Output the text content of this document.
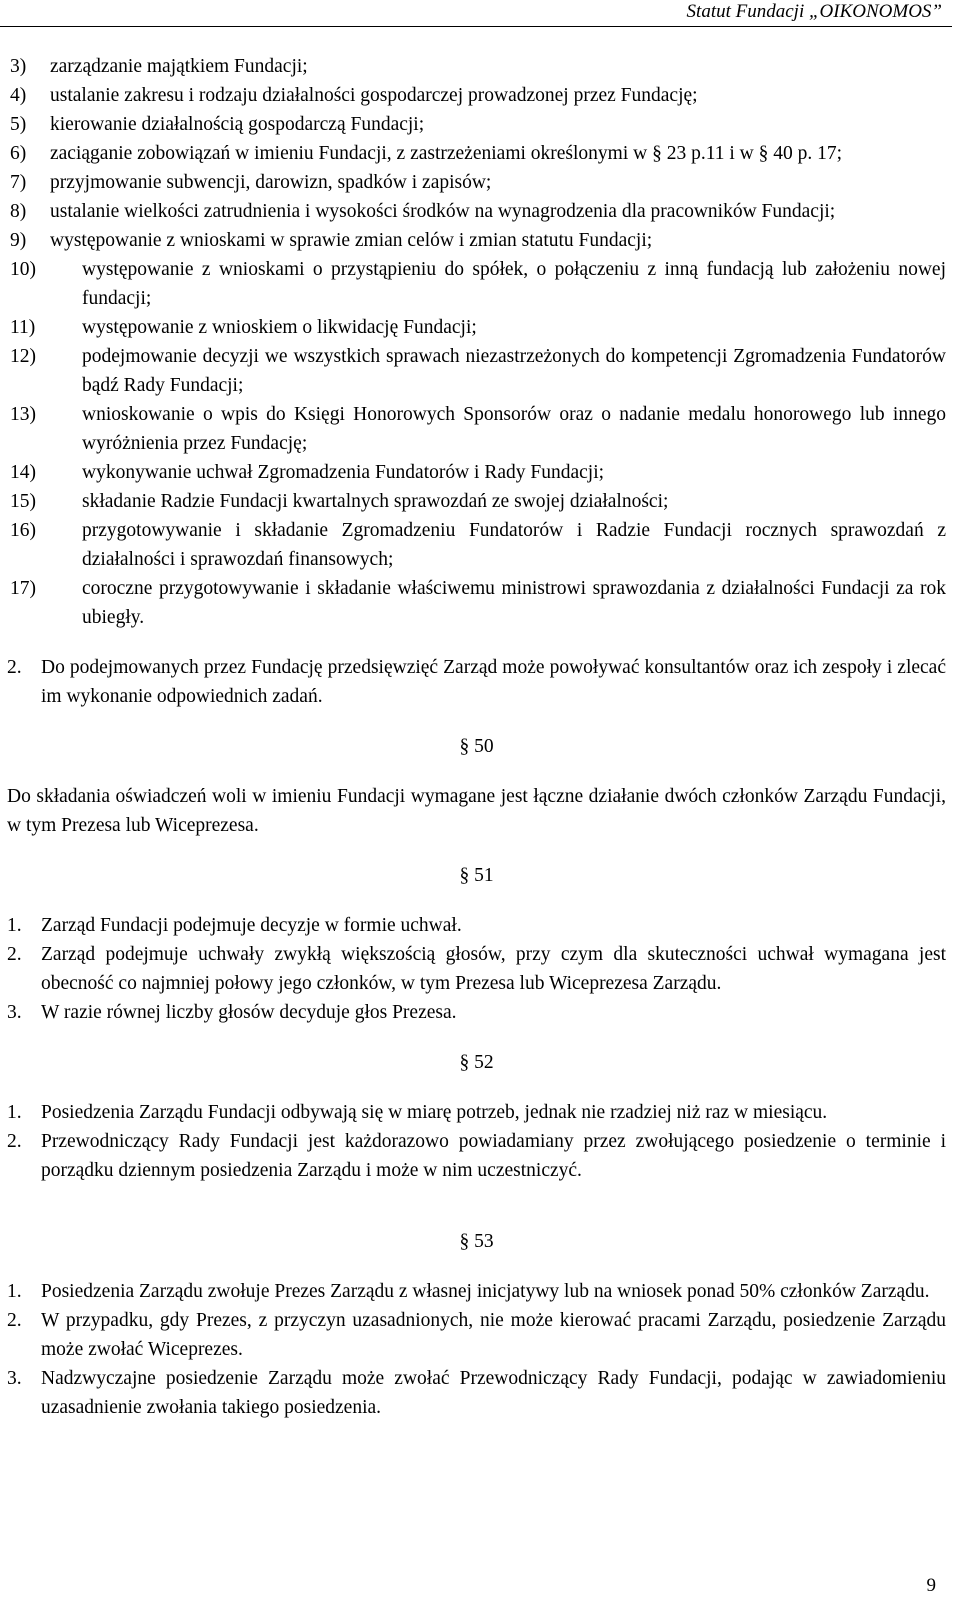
Statut Fundacji „OIKONOMOS”
3)	zarządzanie majątkiem Fundacji;
4)	ustalanie zakresu i rodzaju działalności gospodarczej prowadzonej przez Fundację;
5)	kierowanie działalnością gospodarczą Fundacji;
6)	zaciąganie zobowiązań w imieniu Fundacji, z zastrzeżeniami określonymi w § 23 p.11 i w § 40 p. 17;
7)	przyjmowanie subwencji, darowizn, spadków i zapisów;
8)	ustalanie wielkości zatrudnienia i wysokości środków na wynagrodzenia dla pracowników Fundacji;
9)	występowanie z wnioskami w sprawie zmian celów i zmian statutu Fundacji;
10)	występowanie z wnioskami o przystąpieniu do spółek, o połączeniu z inną fundacją lub założeniu nowej fundacji;
11)	występowanie z wnioskiem o likwidację Fundacji;
12)	podejmowanie decyzji we wszystkich sprawach niezastrzeżonych do kompetencji Zgromadzenia Fundatorów bądź Rady Fundacji;
13)	wnioskowanie o wpis do Księgi Honorowych Sponsorów oraz o nadanie medalu honorowego lub innego wyróżnienia przez Fundację;
14)	wykonywanie uchwał Zgromadzenia Fundatorów i Rady Fundacji;
15)	składanie Radzie Fundacji kwartalnych sprawozdań ze swojej działalności;
16)	przygotowywanie i składanie Zgromadzeniu Fundatorów i Radzie Fundacji rocznych sprawozdań z działalności i sprawozdań finansowych;
17)	coroczne przygotowywanie i składanie właściwemu ministrowi sprawozdania z działalności Fundacji za rok ubiegły.
2. Do podejmowanych przez Fundację przedsięwzięć Zarząd może powoływać konsultantów oraz ich zespoły i zlecać im wykonanie odpowiednich zadań.
§ 50
Do składania oświadczeń woli w imieniu Fundacji wymagane jest łączne działanie dwóch członków Zarządu Fundacji, w tym Prezesa lub Wiceprezesa.
§ 51
1. Zarząd Fundacji podejmuje decyzje w formie uchwał.
2. Zarząd podejmuje uchwały zwykłą większością głosów, przy czym dla skuteczności uchwał wymagana jest obecność co najmniej połowy jego członków, w tym Prezesa lub Wiceprezesa Zarządu.
3. W razie równej liczby głosów decyduje głos Prezesa.
§ 52
1. Posiedzenia Zarządu Fundacji odbywają się w miarę potrzeb, jednak nie rzadziej niż raz w miesiącu.
2. Przewodniczący Rady Fundacji jest każdorazowo powiadamiany przez zwołującego posiedzenie o terminie i porządku dziennym posiedzenia Zarządu i może w nim uczestniczyć.
§ 53
1. Posiedzenia Zarządu zwołuje Prezes Zarządu z własnej inicjatywy lub na wniosek ponad 50% członków Zarządu.
2. W przypadku, gdy Prezes, z przyczyn uzasadnionych, nie może kierować pracami Zarządu, posiedzenie Zarządu może zwołać Wiceprezes.
3. Nadzwyczajne posiedzenie Zarządu może zwołać Przewodniczący Rady Fundacji, podając w zawiadomieniu uzasadnienie zwołania takiego posiedzenia.
9
